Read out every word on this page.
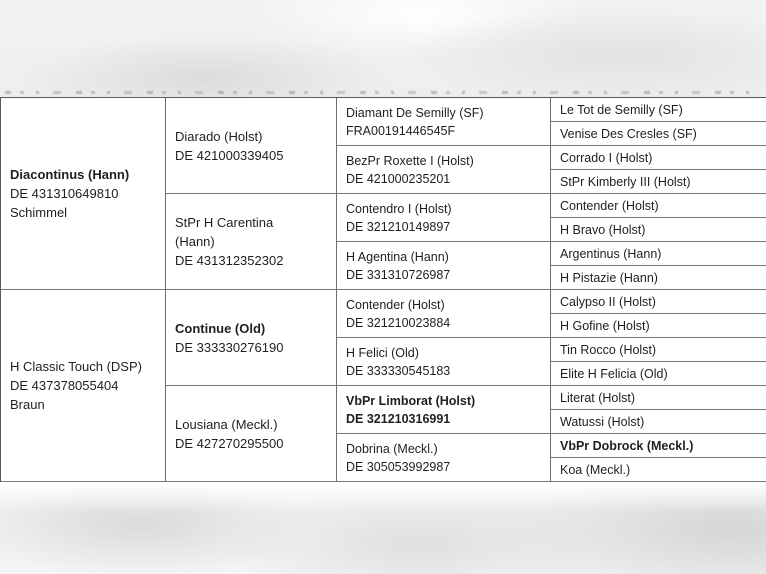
Diacontinus (Hann)
DE 431310649810
Schimmel
H Classic Touch (DSP)
DE 437378055404
Braun
Diarado (Holst)
DE 421000339405
StPr H Carentina (Hann)
DE 431312352302
Continue (Old)
DE 333330276190
Lousiana (Meckl.)
DE 427270295500
Diamant De Semilly (SF)
FRA00191446545F
BezPr Roxette I (Holst)
DE 421000235201
Contendro I (Holst)
DE 321210149897
H Agentina (Hann)
DE 331310726987
Contender (Holst)
DE 321210023884
H Felici (Old)
DE 333330545183
VbPr Limborat (Holst)
DE 321210316991
Dobrina (Meckl.)
DE 305053992987
Le Tot de Semilly (SF)
Venise Des Cresles (SF)
Corrado I (Holst)
StPr Kimberly III (Holst)
Contender (Holst)
H Bravo (Holst)
Argentinus (Hann)
H Pistazie (Hann)
Calypso II (Holst)
H Gofine (Holst)
Tin Rocco (Holst)
Elite H Felicia (Old)
Literat (Holst)
Watussi (Holst)
VbPr Dobrock (Meckl.)
Koa (Meckl.)
